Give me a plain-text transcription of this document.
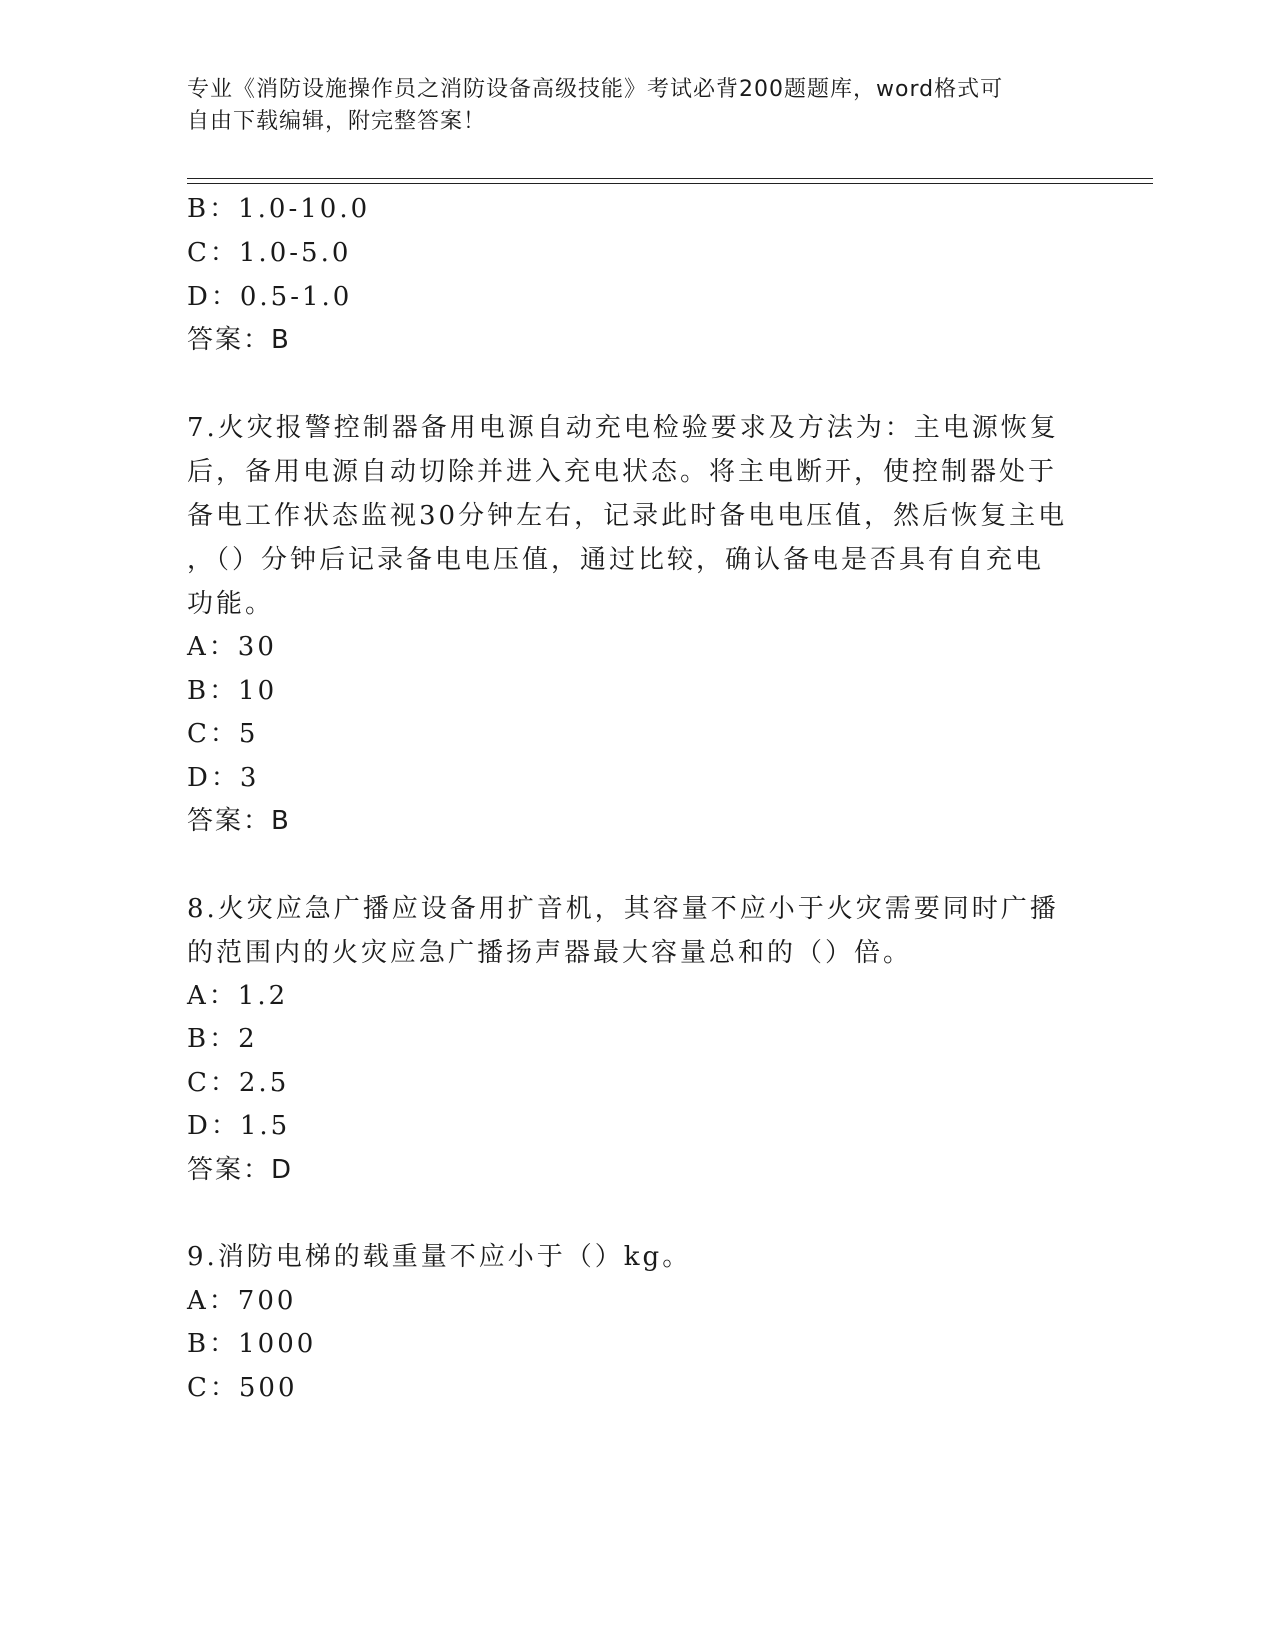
专业《消防设施操作员之消防设备高级技能》考试必背200题题库，word格式可
自由下载编辑，附完整答案！
B：1.0-10.0
C：1.0-5.0
D：0.5-1.0
答案：B
7.火灾报警控制器备用电源自动充电检验要求及方法为：主电源恢复
后，备用电源自动切除并进入充电状态。将主电断开，使控制器处于
备电工作状态监视30分钟左右，记录此时备电电压值，然后恢复主电
，（）分钟后记录备电电压值，通过比较，确认备电是否具有自充电
功能。
A：30
B：10
C：5
D：3
答案：B
8.火灾应急广播应设备用扩音机，其容量不应小于火灾需要同时广播
的范围内的火灾应急广播扬声器最大容量总和的（）倍。
A：1.2
B：2
C：2.5
D：1.5
答案：D
9.消防电梯的载重量不应小于（）kg。
A：700
B：1000
C：500
